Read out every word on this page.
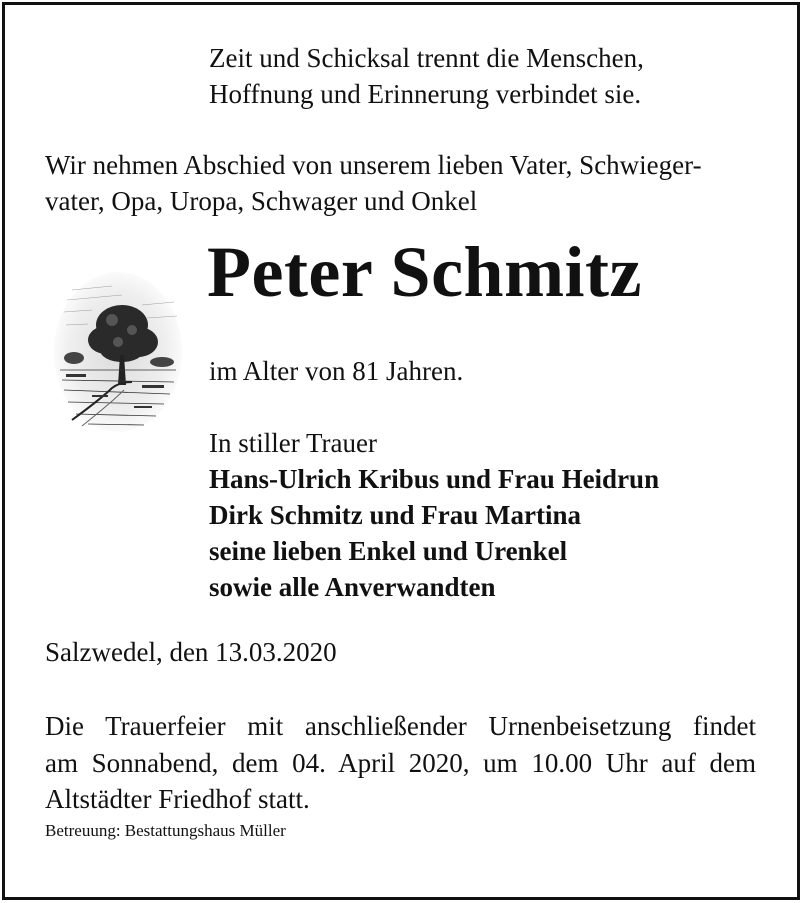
Zeit und Schicksal trennt die Menschen,
Hoffnung und Erinnerung verbindet sie.
Wir nehmen Abschied von unserem lieben Vater, Schwieger-
vater, Opa, Uropa, Schwager und Onkel
Peter Schmitz
im Alter von 81 Jahren.
In stiller Trauer
Hans-Ulrich Kribus und Frau Heidrun
Dirk Schmitz und Frau Martina
seine lieben Enkel und Urenkel
sowie alle Anverwandten
Salzwedel, den 13.03.2020
Die Trauerfeier mit anschließender Urnenbeisetzung findet
am Sonnabend, dem 04. April 2020, um 10.00 Uhr auf dem
Altstädter Friedhof statt.
Betreuung: Bestattungshaus Müller
